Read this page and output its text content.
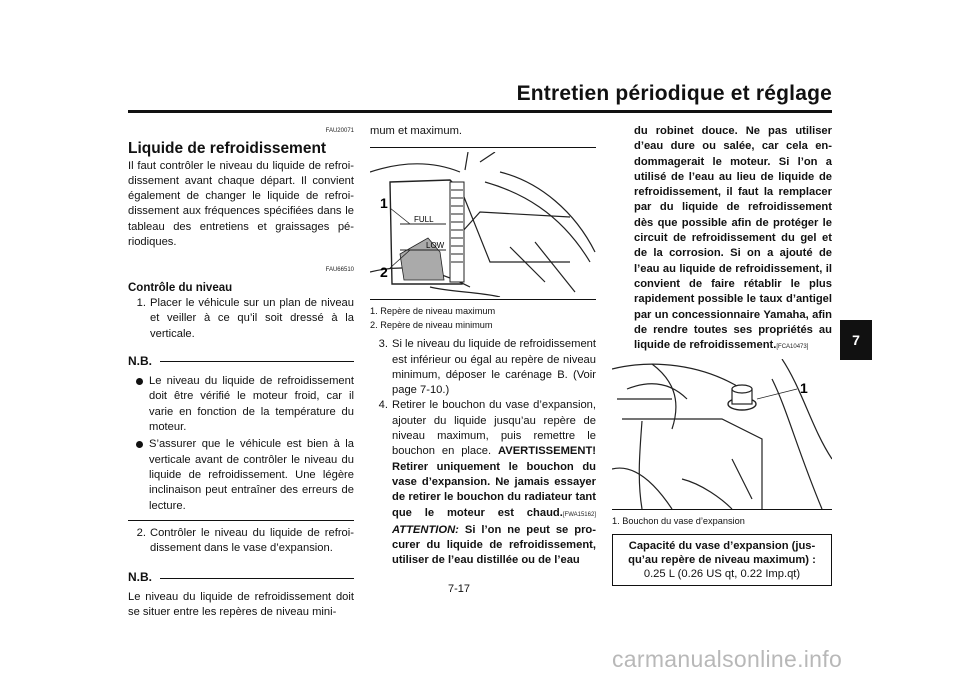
Entretien périodique et réglage
7
FAU20071
Liquide de refroidissement
Il faut contrôler le niveau du liquide de refroidissement avant chaque départ. Il convient également de changer le liquide de refroidissement aux fréquences spécifiées dans le tableau des entretiens et graissages périodiques.
FAU66510
Contrôle du niveau
1. Placer le véhicule sur un plan de niveau et veiller à ce qu’il soit dressé à la verticale.
N.B.
Le niveau du liquide de refroidissement doit être vérifié le moteur froid, car il varie en fonction de la température du moteur.
S’assurer que le véhicule est bien à la verticale avant de contrôler le niveau du liquide de refroidissement. Une légère inclinaison peut entraîner des erreurs de lecture.
2. Contrôler le niveau du liquide de refroidissement dans le vase d’expansion.
N.B.
Le niveau du liquide de refroidissement doit se situer entre les repères de niveau mini-
mum et maximum.
FULL
LOW
1
2
1. Repère de niveau maximum
2. Repère de niveau minimum
3. Si le niveau du liquide de refroidissement est inférieur ou égal au repère de niveau minimum, déposer le carénage B. (Voir page 7-10.)
4. Retirer le bouchon du vase d’expansion, ajouter du liquide jusqu’au repère de niveau maximum, puis remettre le bouchon en place. AVERTISSEMENT! Retirer uniquement le bouchon du vase d’expansion. Ne jamais essayer de retirer le bouchon du radiateur tant que le moteur est chaud.[FWA15162] ATTENTION: Si l’on ne peut se procurer du liquide de refroidissement, utiliser de l’eau distillée ou de l’eau
du robinet douce. Ne pas utiliser d’eau dure ou salée, car cela endommagerait le moteur. Si l’on a utilisé de l’eau au lieu de liquide de refroidissement, il faut la remplacer par du liquide de refroidissement dès que possible afin de protéger le circuit de refroidissement du gel et de la corrosion. Si on a ajouté de l’eau au liquide de refroidissement, il convient de faire rétablir le plus rapidement possible le taux d’antigel par un concessionnaire Yamaha, afin de rendre toutes ses propriétés au liquide de refroidissement.[FCA10473]
1
1. Bouchon du vase d’expansion
Capacité du vase d’expansion (jusqu’au repère de niveau maximum) :
0.25 L (0.26 US qt, 0.22 Imp.qt)
7-17
carmanualsonline.info
